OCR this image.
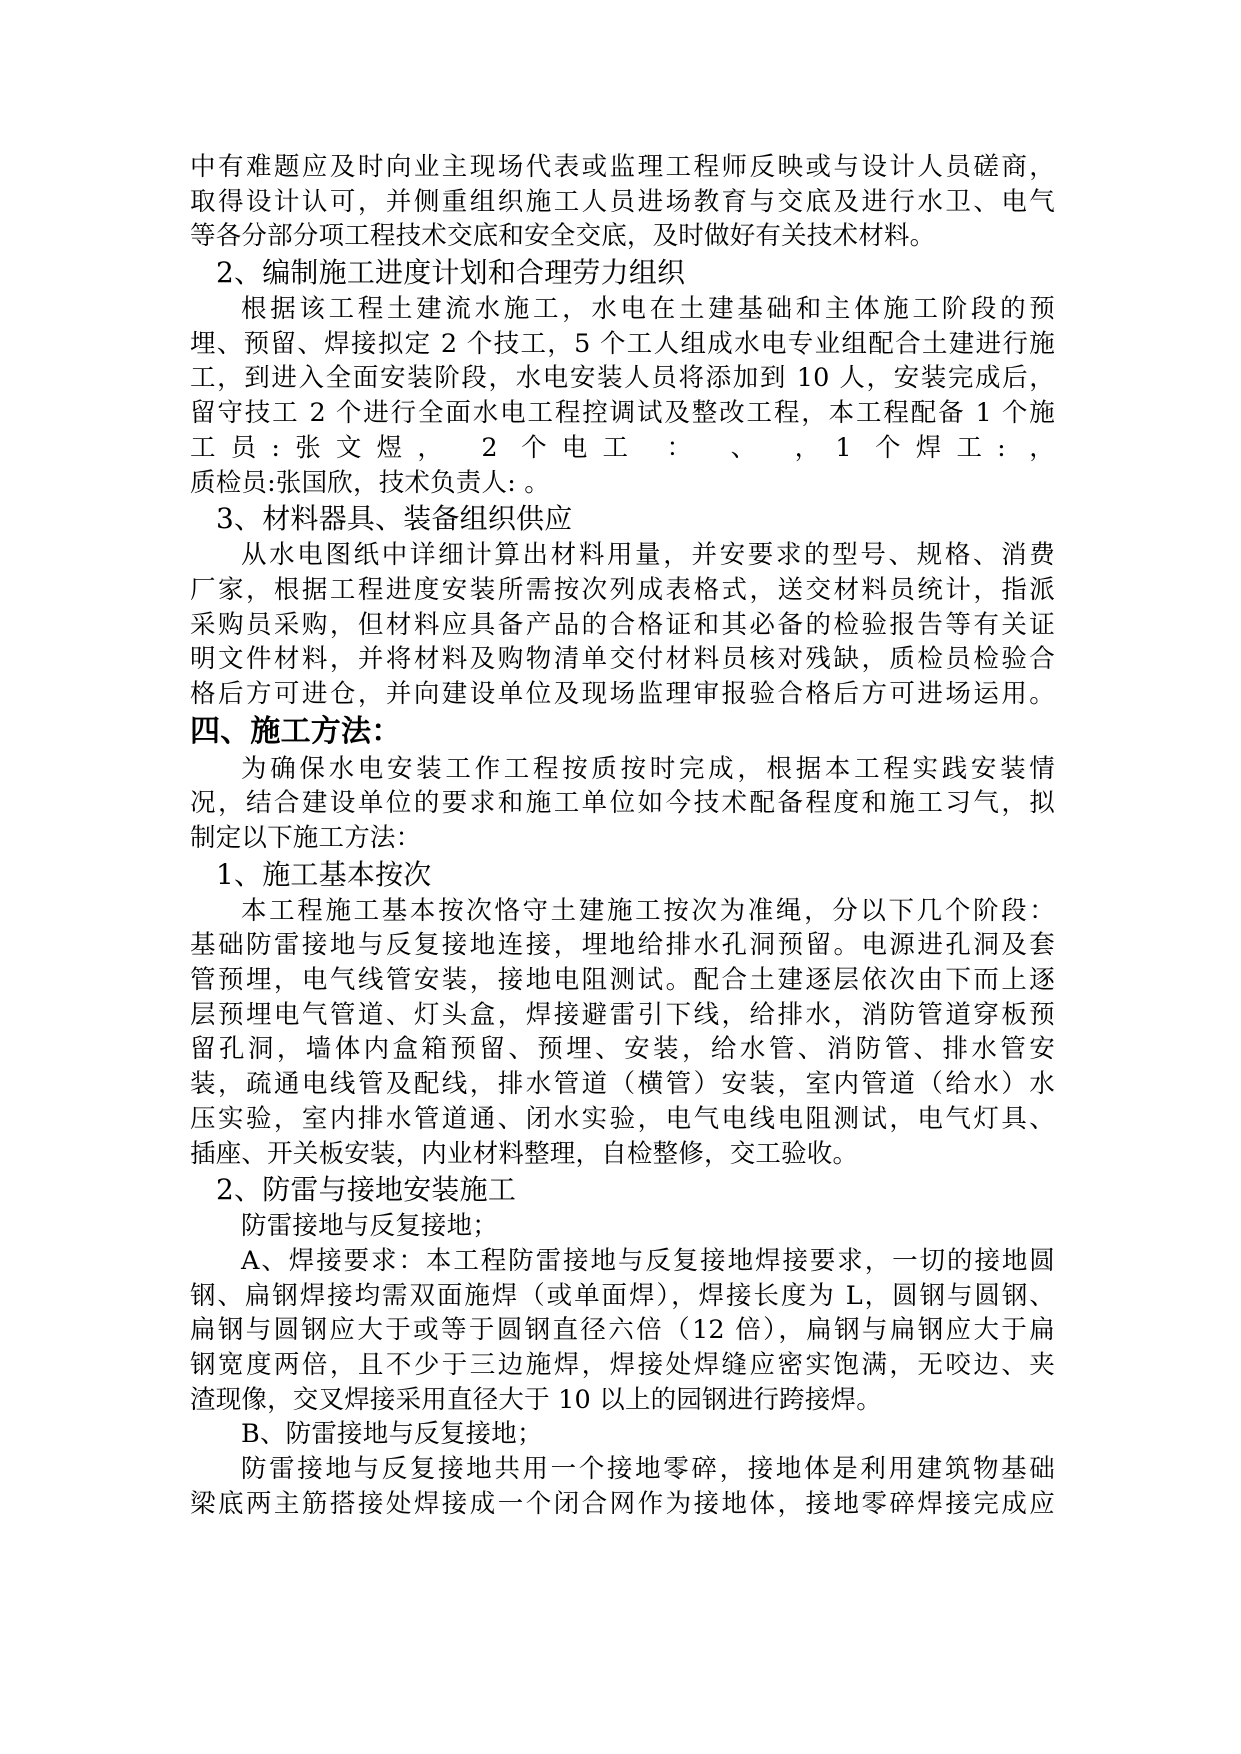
中有难题应及时向业主现场代表或监理工程师反映或与设计人员磋商，
取得设计认可，并侧重组织施工人员进场教育与交底及进行水卫、电气
等各分部分项工程技术交底和安全交底，及时做好有关技术材料。
2、编制施工进度计划和合理劳力组织
根据该工程土建流水施工，水电在土建基础和主体施工阶段的预
埋、预留、焊接拟定 2 个技工，5 个工人组成水电专业组配合土建进行施
工，到进入全面安装阶段，水电安装人员将添加到 10 人，安装完成后，
留守技工 2 个进行全面水电工程控调试及整改工程，本工程配备 1 个施
工员:张文煜， 2 个电工 ： 、 ，1 个焊工: ，
质检员:张国欣，技术负责人: 。
3、材料器具、装备组织供应
从水电图纸中详细计算出材料用量，并安要求的型号、规格、消费
厂家，根据工程进度安装所需按次列成表格式，送交材料员统计，指派
采购员采购，但材料应具备产品的合格证和其必备的检验报告等有关证
明文件材料，并将材料及购物清单交付材料员核对残缺，质检员检验合
格后方可进仓，并向建设单位及现场监理审报验合格后方可进场运用。
四、施工方法：
为确保水电安装工作工程按质按时完成，根据本工程实践安装情
况，结合建设单位的要求和施工单位如今技术配备程度和施工习气，拟
制定以下施工方法：
1、施工基本按次
本工程施工基本按次恪守土建施工按次为准绳，分以下几个阶段：
基础防雷接地与反复接地连接，埋地给排水孔洞预留。电源进孔洞及套
管预埋，电气线管安装，接地电阻测试。配合土建逐层依次由下而上逐
层预埋电气管道、灯头盒，焊接避雷引下线，给排水，消防管道穿板预
留孔洞，墙体内盒箱预留、预埋、安装，给水管、消防管、排水管安
装，疏通电线管及配线，排水管道（横管）安装，室内管道（给水）水
压实验，室内排水管道通、闭水实验，电气电线电阻测试，电气灯具、
插座、开关板安装，内业材料整理，自检整修，交工验收。
2、防雷与接地安装施工
防雷接地与反复接地；
A、焊接要求：本工程防雷接地与反复接地焊接要求，一切的接地圆
钢、扁钢焊接均需双面施焊（或单面焊），焊接长度为 L，圆钢与圆钢、
扁钢与圆钢应大于或等于圆钢直径六倍（12 倍），扁钢与扁钢应大于扁
钢宽度两倍，且不少于三边施焊，焊接处焊缝应密实饱满，无咬边、夹
渣现像，交叉焊接采用直径大于 10 以上的园钢进行跨接焊。
B、防雷接地与反复接地；
防雷接地与反复接地共用一个接地零碎，接地体是利用建筑物基础
梁底两主筋搭接处焊接成一个闭合网作为接地体，接地零碎焊接完成应
